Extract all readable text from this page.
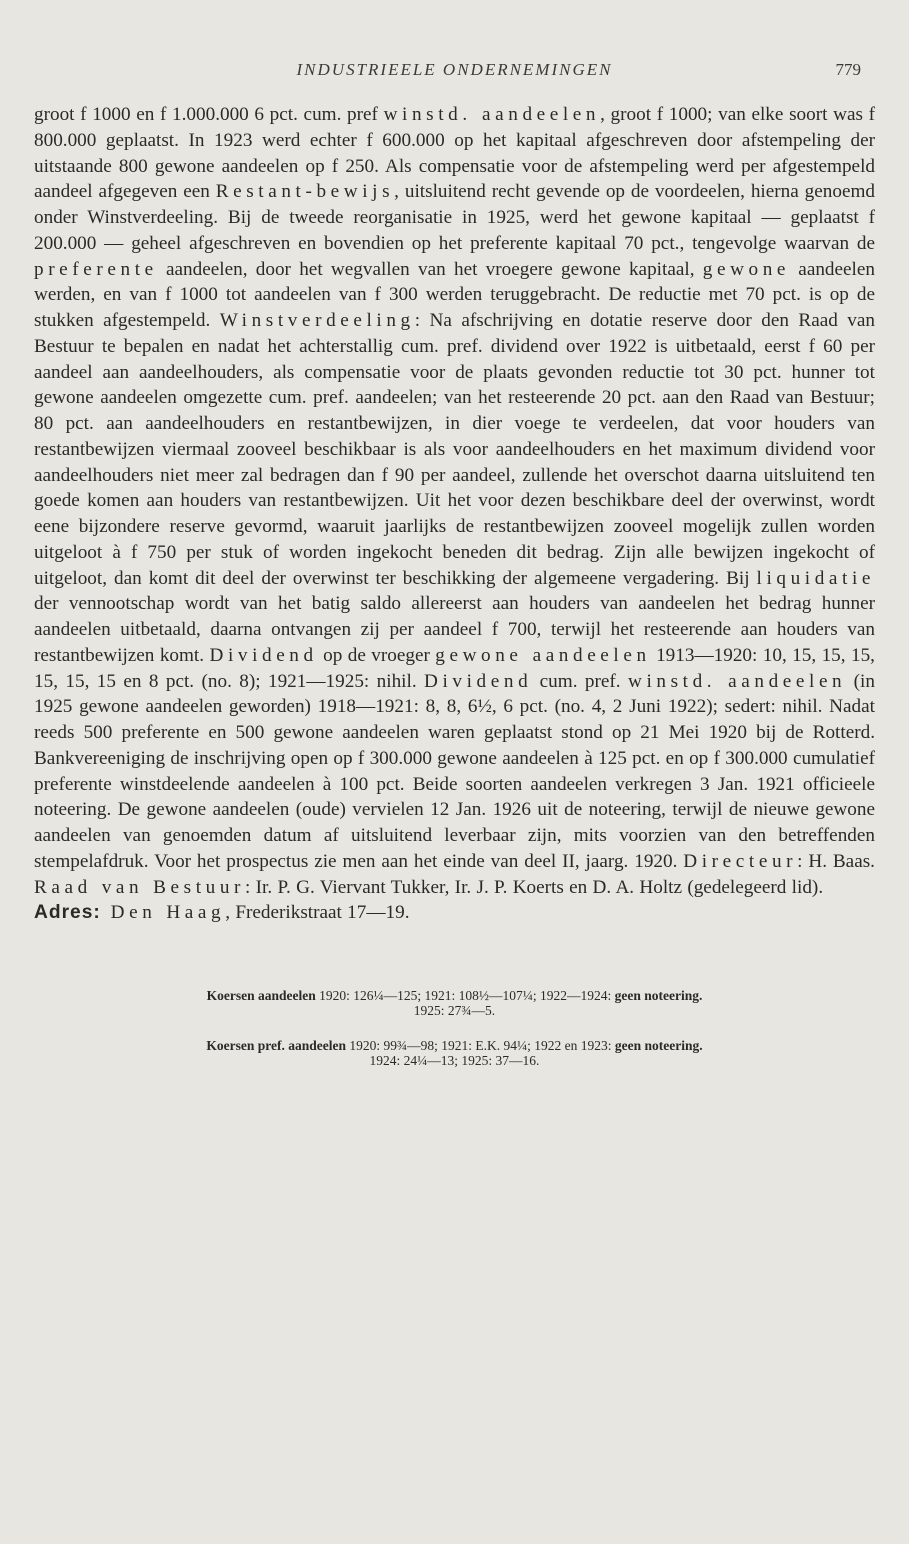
INDUSTRIEELE ONDERNEMINGEN	779

groot f 1000 en f 1.000.000 6 pct. cum. pref winstd. aandeelen, groot f 1000; van elke soort was f 800.000 geplaatst. In 1923 werd echter f 600.000 op het kapitaal afgeschreven door afstempeling der uitstaande 800 gewone aandeelen op f 250. Als compensatie voor de afstempeling werd per afgestempeld aandeel afgegeven een Restant-bewijs, uitsluitend recht gevende op de voordeelen, hierna genoemd onder Winstverdeeling. Bij de tweede reorganisatie in 1925, werd het gewone kapitaal — geplaatst f 200.000 — geheel afgeschreven en bovendien op het preferente kapitaal 70 pct., tengevolge waarvan de preferente aandeelen, door het wegvallen van het vroegere gewone kapitaal, gewone aandeelen werden, en van f 1000 tot aandeelen van f 300 werden teruggebracht. De reductie met 70 pct. is op de stukken afgestempeld. Winstverdeeling: Na afschrijving en dotatie reserve door den Raad van Bestuur te bepalen en nadat het achterstallig cum. pref. dividend over 1922 is uitbetaald, eerst f 60 per aandeel aan aandeelhouders, als compensatie voor de plaats gevonden reductie tot 30 pct. hunner tot gewone aandeelen omgezette cum. pref. aandeelen; van het resteerende 20 pct. aan den Raad van Bestuur; 80 pct. aan aandeelhouders en restantbewijzen, in dier voege te verdeelen, dat voor houders van restantbewijzen viermaal zooveel beschikbaar is als voor aandeelhouders en het maximum dividend voor aandeelhouders niet meer zal bedragen dan f 90 per aandeel, zullende het overschot daarna uitsluitend ten goede komen aan houders van restantbewijzen. Uit het voor dezen beschikbare deel der overwinst, wordt eene bijzondere reserve gevormd, waaruit jaarlijks de restantbewijzen zooveel mogelijk zullen worden uitgeloot à f 750 per stuk of worden ingekocht beneden dit bedrag. Zijn alle bewijzen ingekocht of uitgeloot, dan komt dit deel der overwinst ter beschikking der algemeene vergadering. Bij liquidatie der vennootschap wordt van het batig saldo allereerst aan houders van aandeelen het bedrag hunner aandeelen uitbetaald, daarna ontvangen zij per aandeel f 700, terwijl het resteerende aan houders van restantbewijzen komt. Dividend op de vroeger gewone aandeelen 1913—1920: 10, 15, 15, 15, 15, 15, 15 en 8 pct. (no. 8); 1921—1925: nihil. Dividend cum. pref. winstd. aandeelen (in 1925 gewone aandeelen geworden) 1918—1921: 8, 8, 6½, 6 pct. (no. 4, 2 Juni 1922); sedert: nihil. Nadat reeds 500 preferente en 500 gewone aandeelen waren geplaatst stond op 21 Mei 1920 bij de Rotterd. Bankvereeniging de inschrijving open op f 300.000 gewone aandeelen à 125 pct. en op f 300.000 cumulatief preferente winstdeelende aandeelen à 100 pct. Beide soorten aandeelen verkregen 3 Jan. 1921 officieele noteering. De gewone aandeelen (oude) vervielen 12 Jan. 1926 uit de noteering, terwijl de nieuwe gewone aandeelen van genoemden datum af uitsluitend leverbaar zijn, mits voorzien van den betreffenden stempelafdruk. Voor het prospectus zie men aan het einde van deel II, jaarg. 1920. Directeur: H. Baas. Raad van Bestuur: Ir. P. G. Viervant Tukker, Ir. J. P. Koerts en D. A. Holtz (gedelegeerd lid).

Adres: Den Haag, Frederikstraat 17—19.

Koersen aandeelen 1920: 126¼—125; 1921: 108½—107¼; 1922—1924: geen noteering.
1925: 27¾—5.
Koersen pref. aandeelen 1920: 99¾—98; 1921: E.K. 94¼; 1922 en 1923: geen noteering.
1924: 24¼—13; 1925: 37—16.
